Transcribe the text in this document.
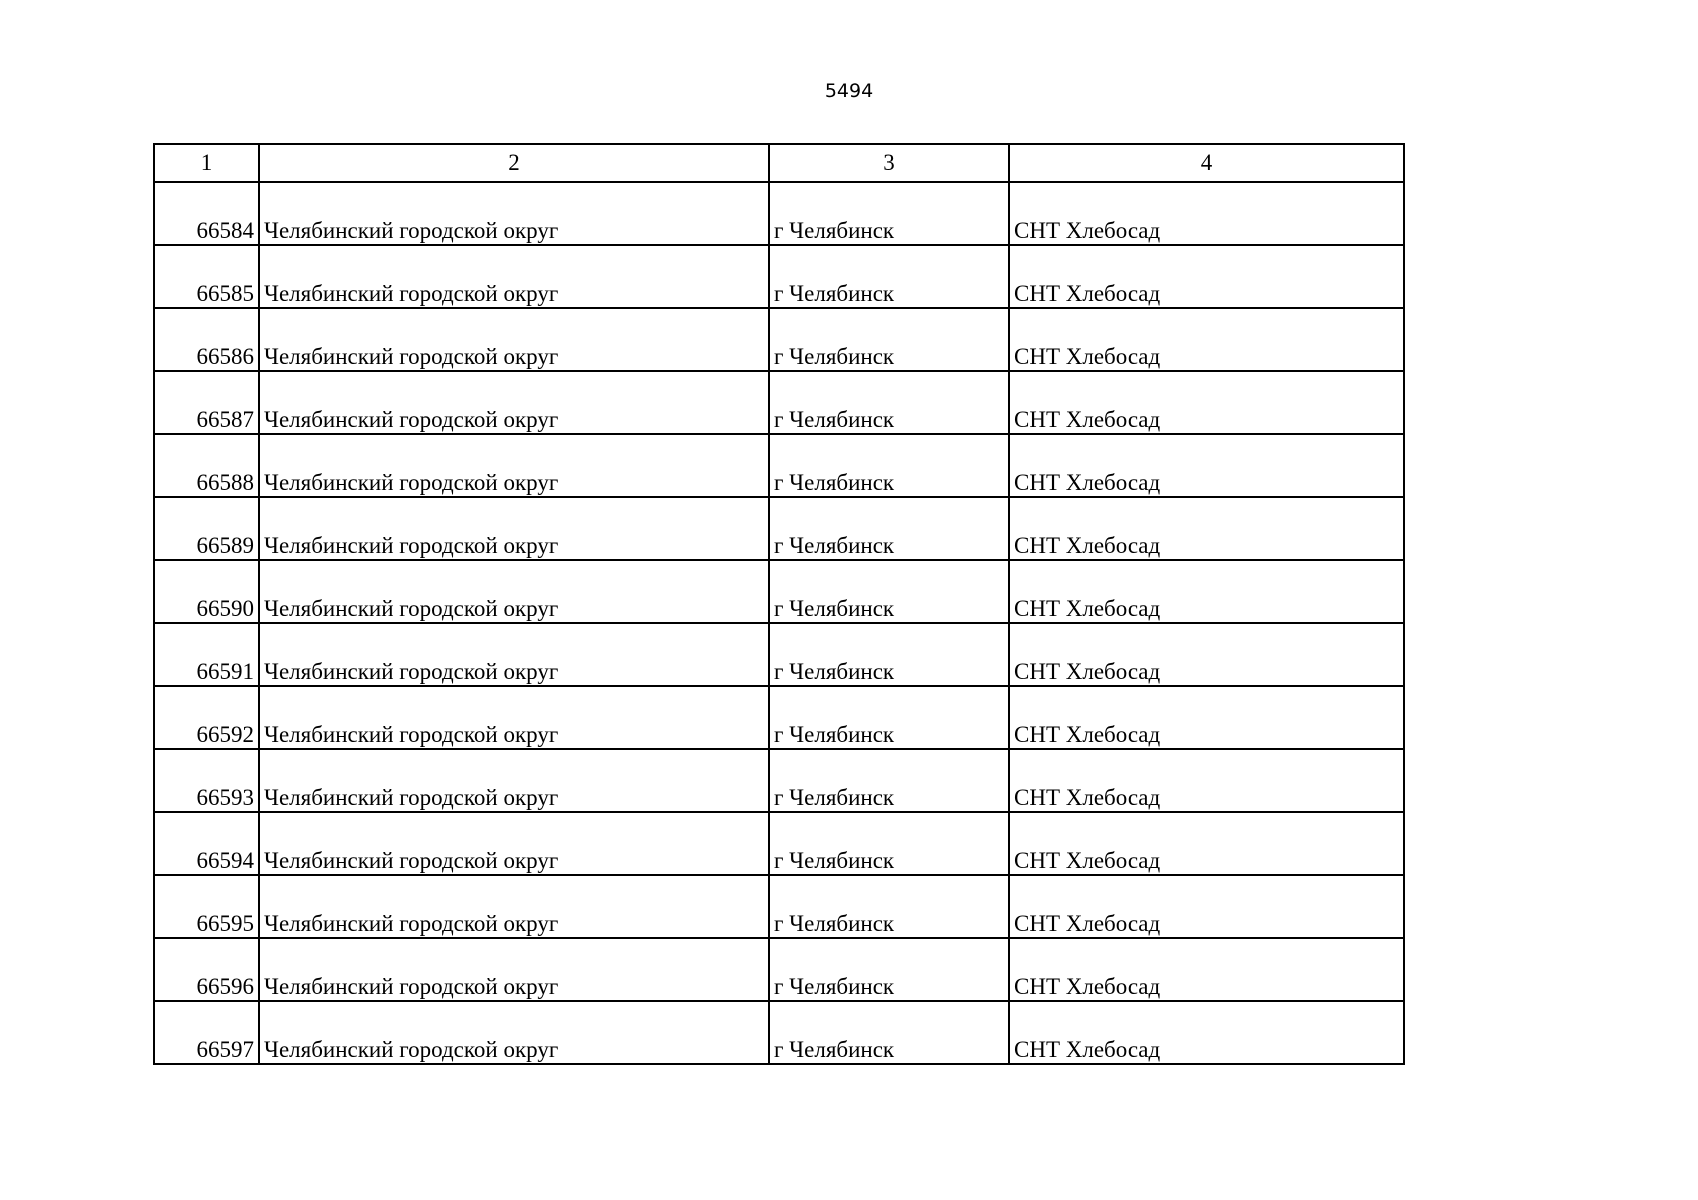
5494
1	2	3	4
66584	Челябинский городской округ	г Челябинск	СНТ Хлебосад
66585	Челябинский городской округ	г Челябинск	СНТ Хлебосад
66586	Челябинский городской округ	г Челябинск	СНТ Хлебосад
66587	Челябинский городской округ	г Челябинск	СНТ Хлебосад
66588	Челябинский городской округ	г Челябинск	СНТ Хлебосад
66589	Челябинский городской округ	г Челябинск	СНТ Хлебосад
66590	Челябинский городской округ	г Челябинск	СНТ Хлебосад
66591	Челябинский городской округ	г Челябинск	СНТ Хлебосад
66592	Челябинский городской округ	г Челябинск	СНТ Хлебосад
66593	Челябинский городской округ	г Челябинск	СНТ Хлебосад
66594	Челябинский городской округ	г Челябинск	СНТ Хлебосад
66595	Челябинский городской округ	г Челябинск	СНТ Хлебосад
66596	Челябинский городской округ	г Челябинск	СНТ Хлебосад
66597	Челябинский городской округ	г Челябинск	СНТ Хлебосад
